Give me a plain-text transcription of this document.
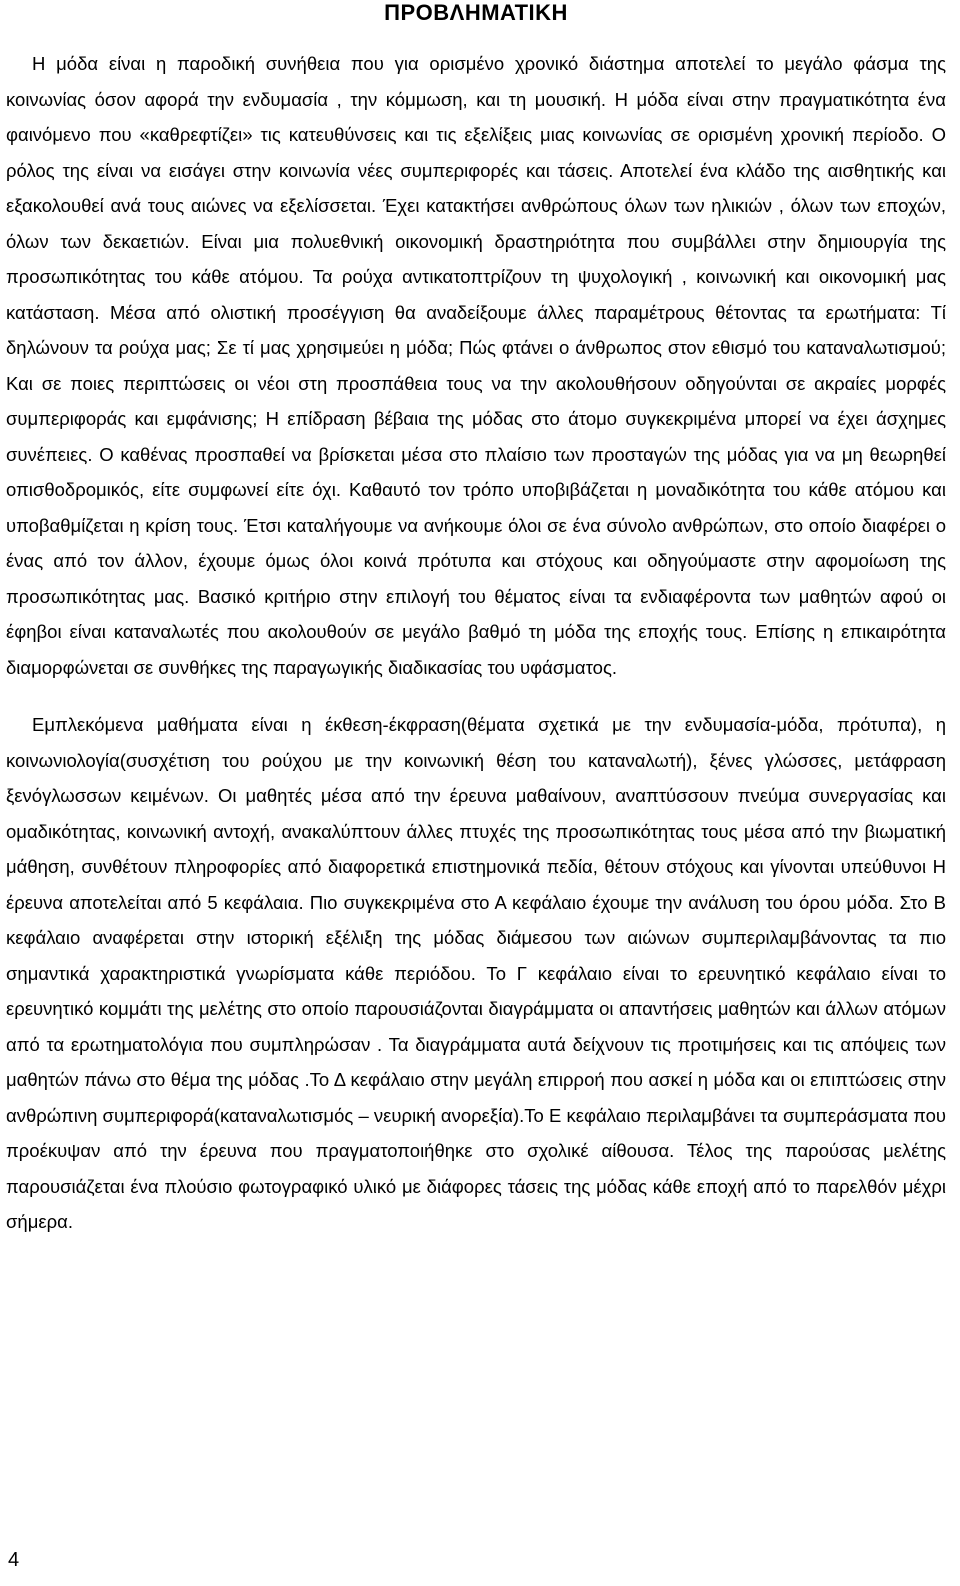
ΠΡΟΒΛΗΜΑΤΙΚΗ

Η μόδα είναι η παροδική συνήθεια που για ορισμένο χρονικό διάστημα αποτελεί το μεγάλο φάσμα της κοινωνίας όσον αφορά την ενδυμασία , την κόμμωση, και τη μουσική. Η μόδα είναι στην πραγματικότητα ένα φαινόμενο που «καθρεφτίζει» τις κατευθύνσεις και τις εξελίξεις μιας κοινωνίας σε ορισμένη χρονική περίοδο. Ο ρόλος της είναι να εισάγει στην κοινωνία νέες συμπεριφορές και τάσεις. Αποτελεί ένα κλάδο της αισθητικής και εξακολουθεί ανά τους αιώνες να εξελίσσεται. Έχει κατακτήσει ανθρώπους όλων των ηλικιών , όλων των εποχών, όλων των δεκαετιών. Είναι μια πολυεθνική οικονομική δραστηριότητα που συμβάλλει στην δημιουργία της προσωπικότητας του κάθε ατόμου. Τα ρούχα αντικατοπτρίζουν τη ψυχολογική , κοινωνική και οικονομική μας κατάσταση. Μέσα από ολιστική προσέγγιση θα αναδείξουμε άλλες παραμέτρους θέτοντας τα ερωτήματα: Τί δηλώνουν τα ρούχα μας; Σε τί μας χρησιμεύει η μόδα; Πώς φτάνει ο άνθρωπος στον εθισμό του καταναλωτισμού; Και σε ποιες περιπτώσεις οι νέοι στη προσπάθεια τους να την ακολουθήσουν οδηγούνται σε ακραίες μορφές συμπεριφοράς και εμφάνισης; Η επίδραση βέβαια της μόδας στο άτομο συγκεκριμένα μπορεί να έχει άσχημες συνέπειες. Ο καθένας προσπαθεί να βρίσκεται μέσα στο πλαίσιο των προσταγών της μόδας για να μη θεωρηθεί οπισθοδρομικός, είτε συμφωνεί είτε όχι. Καθαυτό τον τρόπο υποβιβάζεται η μοναδικότητα του κάθε ατόμου και υποβαθμίζεται η κρίση τους. Έτσι καταλήγουμε να ανήκουμε όλοι σε ένα σύνολο ανθρώπων, στο οποίο διαφέρει ο ένας από τον άλλον, έχουμε όμως όλοι κοινά πρότυπα και στόχους και οδηγούμαστε στην αφομοίωση της προσωπικότητας μας. Βασικό κριτήριο στην επιλογή του θέματος είναι τα ενδιαφέροντα των μαθητών αφού οι έφηβοι είναι καταναλωτές που ακολουθούν σε μεγάλο βαθμό τη μόδα της εποχής τους. Επίσης η επικαιρότητα διαμορφώνεται σε συνθήκες της παραγωγικής διαδικασίας του υφάσματος.

Εμπλεκόμενα μαθήματα είναι η έκθεση-έκφραση(θέματα σχετικά με την ενδυμασία-μόδα, πρότυπα), η κοινωνιολογία(συσχέτιση του ρούχου με την κοινωνική θέση του καταναλωτή), ξένες γλώσσες, μετάφραση ξενόγλωσσων κειμένων. Οι μαθητές μέσα από την έρευνα μαθαίνουν, αναπτύσσουν πνεύμα συνεργασίας και ομαδικότητας, κοινωνική αντοχή, ανακαλύπτουν άλλες πτυχές της προσωπικότητας τους μέσα από την βιωματική μάθηση, συνθέτουν πληροφορίες από διαφορετικά επιστημονικά πεδία, θέτουν στόχους και γίνονται υπεύθυνοι Η έρευνα αποτελείται από 5 κεφάλαια. Πιο συγκεκριμένα στο Α κεφάλαιο έχουμε την ανάλυση του όρου μόδα. Στο Β κεφάλαιο αναφέρεται στην ιστορική εξέλιξη της μόδας διάμεσου των αιώνων συμπεριλαμβάνοντας τα πιο σημαντικά χαρακτηριστικά γνωρίσματα κάθε περιόδου. Το Γ κεφάλαιο είναι το ερευνητικό κεφάλαιο είναι το ερευνητικό κομμάτι της μελέτης στο οποίο παρουσιάζονται διαγράμματα οι απαντήσεις μαθητών και άλλων ατόμων από τα ερωτηματολόγια που συμπληρώσαν . Τα διαγράμματα αυτά δείχνουν τις προτιμήσεις και τις απόψεις των μαθητών πάνω στο θέμα της μόδας .Το Δ κεφάλαιο στην μεγάλη επιρροή που ασκεί η μόδα και οι επιπτώσεις στην ανθρώπινη συμπεριφορά(καταναλωτισμός – νευρική ανορεξία).Το Ε κεφάλαιο περιλαμβάνει τα συμπεράσματα που προέκυψαν από την έρευνα που πραγματοποιήθηκε στο σχολικέ αίθουσα. Τέλος της παρούσας μελέτης παρουσιάζεται ένα πλούσιο φωτογραφικό υλικό με διάφορες τάσεις της μόδας κάθε εποχή από το παρελθόν μέχρι σήμερα.

4
